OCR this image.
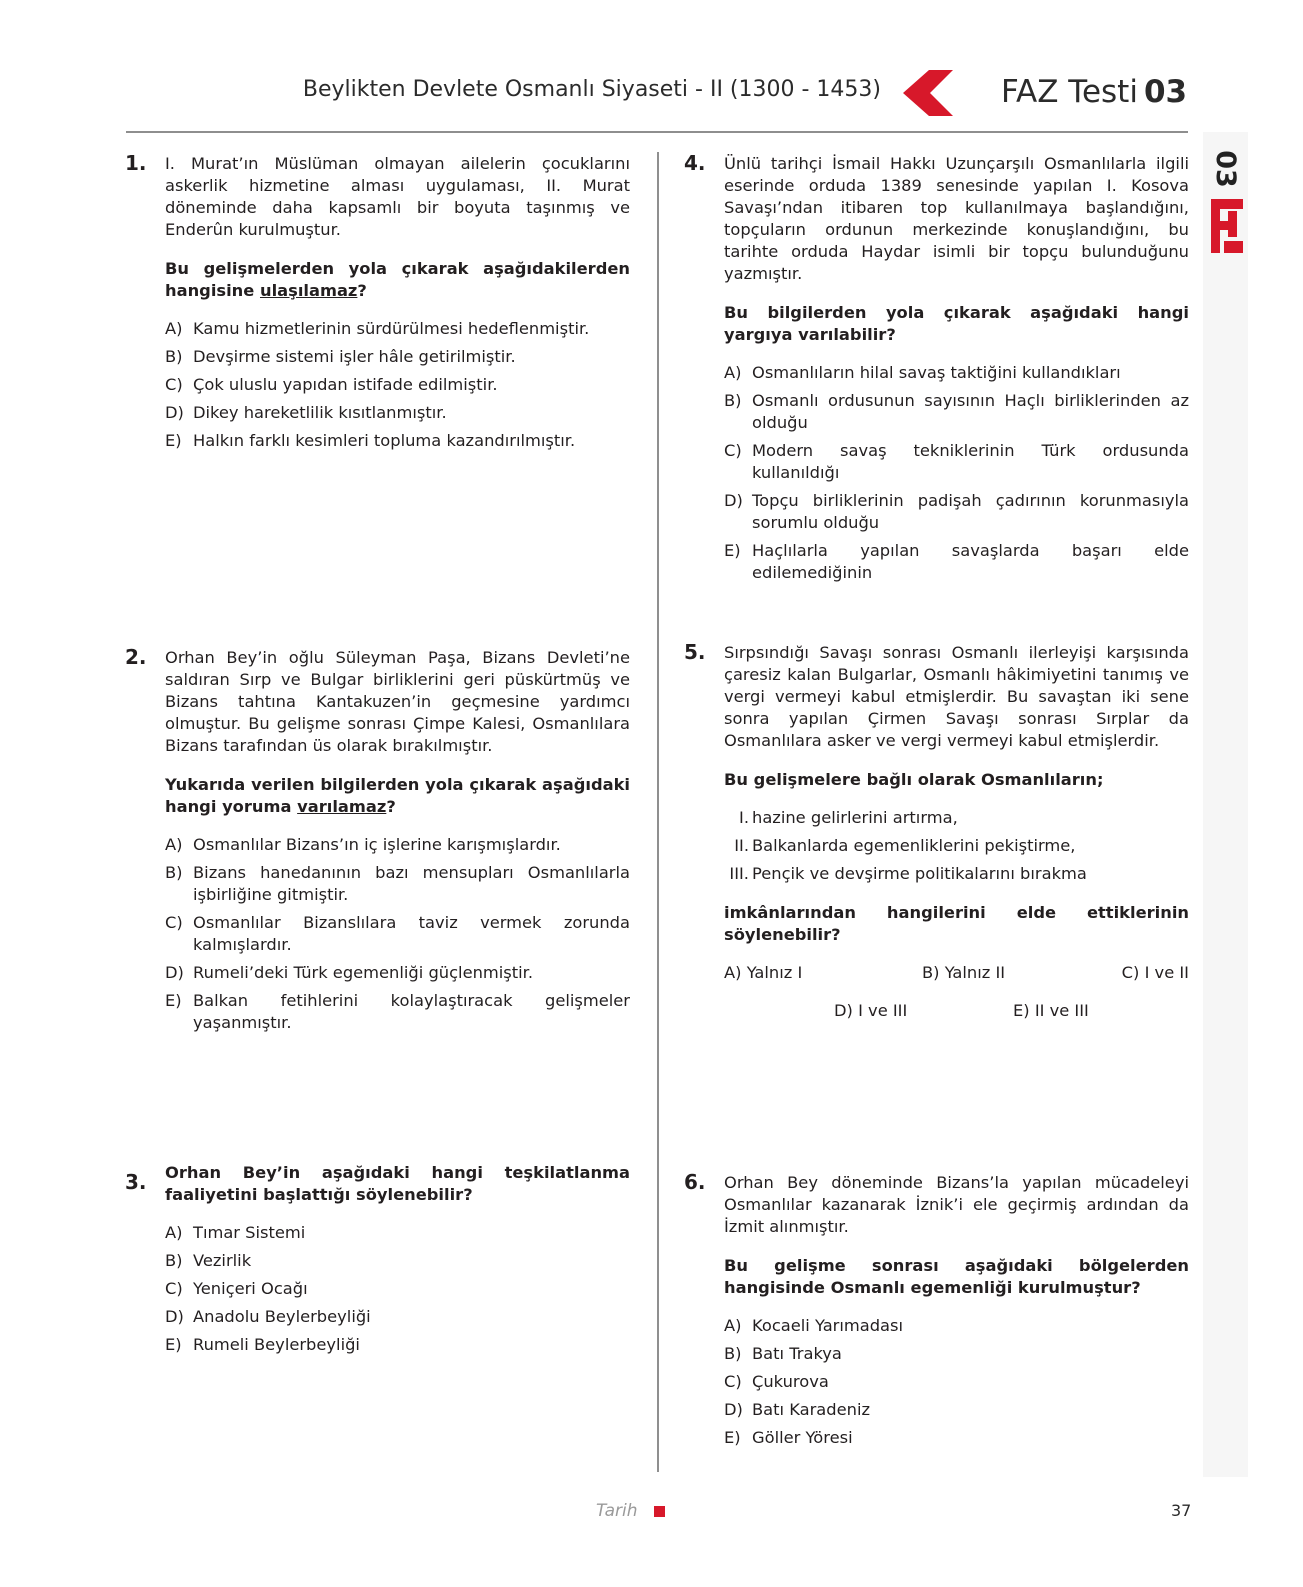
Beylikten Devlete Osmanlı Siyaseti - II (1300 - 1453)	FAZ Testi 03
03
1.	I. Murat’ın Müslüman olmayan ailelerin çocuklarını askerlik hizmetine alması uygulaması, II. Murat döneminde daha kapsamlı bir boyuta taşınmış ve Enderûn kurulmuştur.
Bu gelişmelerden yola çıkarak aşağıdakilerden hangisine ulaşılamaz?
A) Kamu hizmetlerinin sürdürülmesi hedeflenmiştir.
B) Devşirme sistemi işler hâle getirilmiştir.
C) Çok uluslu yapıdan istifade edilmiştir.
D) Dikey hareketlilik kısıtlanmıştır.
E) Halkın farklı kesimleri topluma kazandırılmıştır.
2.	Orhan Bey’in oğlu Süleyman Paşa, Bizans Devleti’ne saldıran Sırp ve Bulgar birliklerini geri püskürtmüş ve Bizans tahtına Kantakuzen’in geçmesine yardımcı olmuştur. Bu gelişme sonrası Çimpe Kalesi, Osmanlılara Bizans tarafından üs olarak bırakılmıştır.
Yukarıda verilen bilgilerden yola çıkarak aşağıdaki hangi yoruma varılamaz?
A) Osmanlılar Bizans’ın iç işlerine karışmışlardır.
B) Bizans hanedanının bazı mensupları Osmanlılarla işbirliğine gitmiştir.
C) Osmanlılar Bizanslılara taviz vermek zorunda kalmışlardır.
D) Rumeli’deki Türk egemenliği güçlenmiştir.
E) Balkan fetihlerini kolaylaştıracak gelişmeler yaşanmıştır.
3.	Orhan Bey’in aşağıdaki hangi teşkilatlanma faaliyetini başlattığı söylenebilir?
A) Tımar Sistemi
B) Vezirlik
C) Yeniçeri Ocağı
D) Anadolu Beylerbeyliği
E) Rumeli Beylerbeyliği
4.	Ünlü tarihçi İsmail Hakkı Uzunçarşılı Osmanlılarla ilgili eserinde orduda 1389 senesinde yapılan I. Kosova Savaşı’ndan itibaren top kullanılmaya başlandığını, topçuların ordunun merkezinde konuşlandığını, bu tarihte orduda Haydar isimli bir topçu bulunduğunu yazmıştır.
Bu bilgilerden yola çıkarak aşağıdaki hangi yargıya varılabilir?
A) Osmanlıların hilal savaş taktiğini kullandıkları
B) Osmanlı ordusunun sayısının Haçlı birliklerinden az olduğu
C) Modern savaş tekniklerinin Türk ordusunda kullanıldığı
D) Topçu birliklerinin padişah çadırının korunmasıyla sorumlu olduğu
E) Haçlılarla yapılan savaşlarda başarı elde edilemediğinin
5.	Sırpsındığı Savaşı sonrası Osmanlı ilerleyişi karşısında çaresiz kalan Bulgarlar, Osmanlı hâkimiyetini tanımış ve vergi vermeyi kabul etmişlerdir. Bu savaştan iki sene sonra yapılan Çirmen Savaşı sonrası Sırplar da Osmanlılara asker ve vergi vermeyi kabul etmişlerdir.
Bu gelişmelere bağlı olarak Osmanlıların;
I. hazine gelirlerini artırma,
II. Balkanlarda egemenliklerini pekiştirme,
III. Pençik ve devşirme politikalarını bırakma
imkânlarından hangilerini elde ettiklerinin söylenebilir?
A) Yalnız I	B) Yalnız II	C) I ve II
D) I ve III	E) II ve III
6.	Orhan Bey döneminde Bizans’la yapılan mücadeleyi Osmanlılar kazanarak İznik’i ele geçirmiş ardından da İzmit alınmıştır.
Bu gelişme sonrası aşağıdaki bölgelerden hangisinde Osmanlı egemenliği kurulmuştur?
A) Kocaeli Yarımadası
B) Batı Trakya
C) Çukurova
D) Batı Karadeniz
E) Göller Yöresi
Tarih	37
